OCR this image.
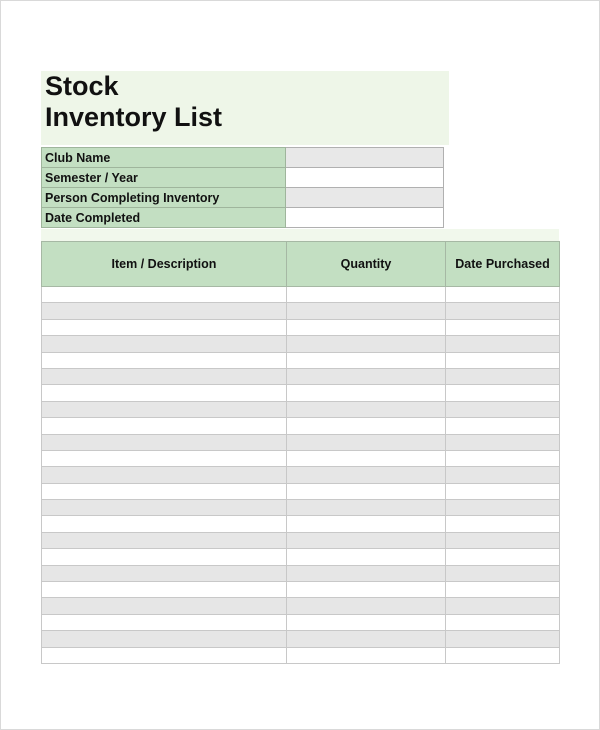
Stock
Inventory List
Club Name	
Semester / Year	
Person Completing Inventory	
Date Completed	
Item / Description	Quantity	Date Purchased
